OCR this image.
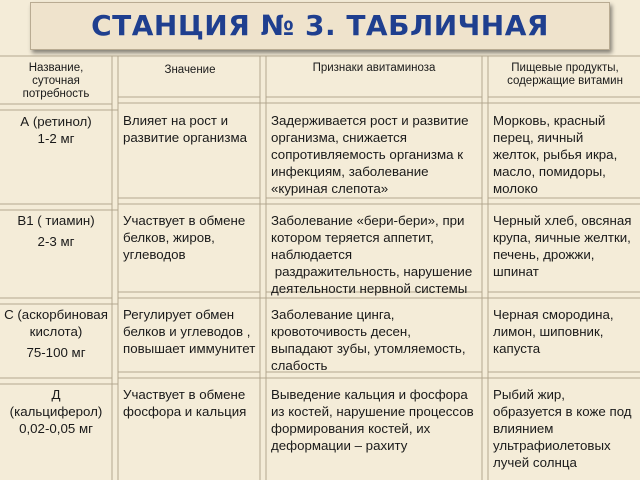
СТАНЦИЯ № 3. ТАБЛИЧНАЯ
Название,
суточная
потребность
Значение	Признаки авитаминоза	Пищевые продукты,
содержащие витамин
А (ретинол)
1-2 мг
Влияет на рост и
развитие организма
Задерживается рост и развитие
организма, снижается
сопротивляемость организма к
инфекциям, заболевание
«куриная слепота»
Морковь, красный
перец, яичный
желток, рыбья икра,
масло, помидоры,
молоко
В1 ( тиамин)
2-3 мг
Участвует в обмене
белков, жиров,
углеводов
Заболевание «бери-бери», при
котором теряется аппетит,
наблюдается
раздражительность, нарушение
деятельности нервной системы
Черный хлеб, овсяная
крупа, яичные желтки,
печень, дрожжи,
шпинат
С (аскорбиновая
кислота)
75-100 мг
Регулирует обмен
белков и углеводов ,
повышает иммунитет
Заболевание цинга,
кровоточивость десен,
выпадают зубы, утомляемость,
слабость
Черная смородина,
лимон, шиповник,
капуста
Д
(кальциферол)
0,02-0,05 мг
Участвует в обмене
фосфора и кальция
Выведение кальция и фосфора
из костей, нарушение процессов
формирования костей, их
деформации – рахиту
Рыбий жир,
образуется в коже под
влиянием
ультрафиолетовых
лучей солнца
